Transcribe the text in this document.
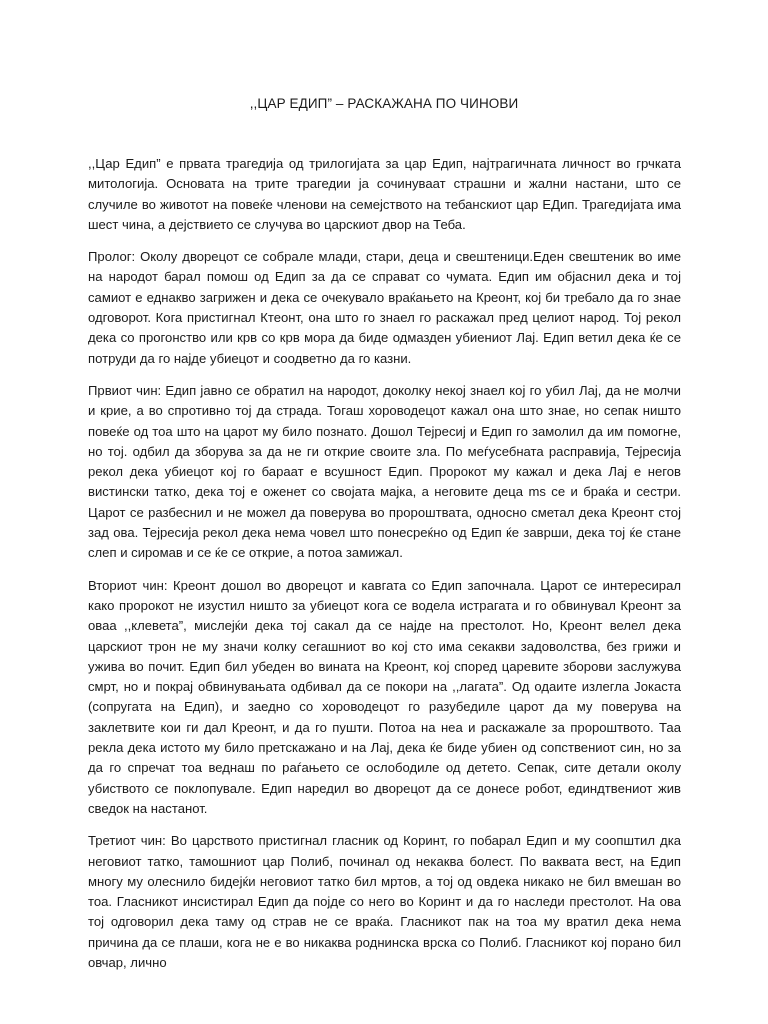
,,ЦАР ЕДИП” – РАСКАЖАНА ПО ЧИНОВИ

,,Цар Едип” е првата трагедија од трилогијата за цар Едип, најтрагичната личност во грчката митологија. Основата на трите трагедии ја сочинуваат страшни и жални настани, што се случиле во животот на повеќе членови на семејството на тебанскиот цар ЕДип. Трагедијата има шест чина, а дејствието се случува во царскиот двор на Теба.

Пролог: Околу дворецот се собрале млади, стари, деца и свештеници.Еден свештеник во име на народот барал помош од Едип за да се справат со чумата. Едип им објаснил дека и тој самиот е еднакво загрижен и дека се очекувало враќањето на Креонт, кој би требало да го знае одговорот. Кога пристигнал Ктеонт, она што го знаел го раскажал пред целиот народ. Тој рекол дека со прогонство или крв со крв мора да биде одмазден убиениот Лај. Едип ветил дека ќе се потруди да го најде убиецот и соодветно да го казни.

Првиот чин: Едип јавно се обратил на народот, доколку некој знаел кој го убил Лај, да не молчи и крие, а во спротивно тој да страда. Тогаш хороводецот кажал она што знае, но сепак ништо повеќе од тоа што на царот му било познато. Дошол Тејресиј и Едип го замолил да им помогне, но тој. одбил да зборува за да не ги открие своите зла. По меѓусебната расправија, Тејресија рекол дека убиецот кој го бараат е всушност Едип. Пророкот му кажал и дека Лај е негов вистински татко, дека тој е оженет со својата мајка, а неговите деца ms се и браќа и сестри. Царот се разбеснил и не можел да поверува во пророштвата, односно сметал дека Креонт стој зад ова. Тејресија рекол дека нема човел што понесреќно од Едип ќе заврши, дека тој ќе стане слеп и сиромав и се ќе се открие, а потоа замижал.

Вториот чин: Креонт дошол во дворецот и кавгата со Едип започнала. Царот се интересирал како пророкот не изустил ништо за убиецот кога се водела истрагата и го обвинувал Креонт за оваа ,,клевета”, мислејќи дека тој сакал да се најде на престолот. Но, Креонт велел дека царскиот трон не му значи колку сегашниот во кој сто има секакви задоволства, без грижи и ужива во почит. Едип бил убеден во вината на Креонт, кој според царевите зборови заслужува смрт, но и покрај обвинувањата одбивал да се покори на ,,лагата”. Од одаите излегла Јокаста (сопругата на Едип), и заедно со хороводецот го разубедиле царот да му поверува на заклетвите кои ги дал Креонт, и да го пушти. Потоа на неа и раскажале за пророштвото. Таа рекла дека истото му било претскажано и на Лај, дека ќе биде убиен од сопствениот син, но за да го спречат тоа веднаш по раѓањето се ослободиле од детето. Сепак, сите детали околу убиството се поклопувале. Едип наредил во дворецот да се донесе робот, единдтвениот жив сведок на настанот.

Третиот чин: Во царството пристигнал гласник од Коринт, го побарал Едип и му соопштил дка неговиот татко, тамошниот цар Полиб, починал од некаква болест. По ваквата вест, на Едип многу му олеснило бидејќи неговиот татко бил мртов, а тој од овдека никако не бил вмешан во тоа. Гласникот инсистирал Едип да појде со него во Коринт и да го наследи престолот. На ова тој одговорил дека таму од страв не се враќа. Гласникот пак на тоа му вратил дека нема причина да се плаши, кога не е во никаква роднинска врска со Полиб. Гласникот кој порано бил овчар, лично
